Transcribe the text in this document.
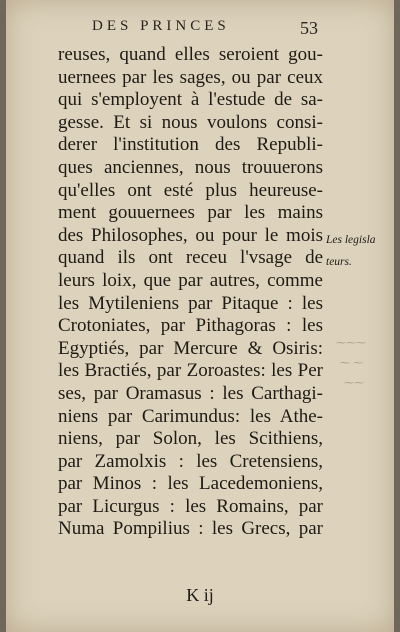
DES PRINCES	53
reuses, quand elles seroient gou-
uernees par les sages, ou par ceux
qui s'employent à l'estude de sa-
gesse. Et si nous voulons consi-
derer l'institution des Republi-
ques anciennes, nous trouuerons
qu'elles ont esté plus heureuse-
ment gouuernees par les mains
des Philosophes, ou pour le mois
quand ils ont receu l'vsage de
leurs loix, que par autres, comme
les Mytileniens par Pitaque : les
Crotoniates, par Pithagoras : les
Egyptiés, par Mercure & Osiris:
les Bractiés, par Zoroastes: les Per
ses, par Oramasus : les Carthagi-
niens par Carimundus: les Athe-
niens, par Solon, les Scithiens,
par Zamolxis : les Cretensiens,
par Minos : les Lacedemoniens,
par Licurgus : les Romains, par
Numa Pompilius : les Grecs, par
Les legisla
teurs.
⁓⁓⁓
⁓ ⁓
⁓⁓
K ij
